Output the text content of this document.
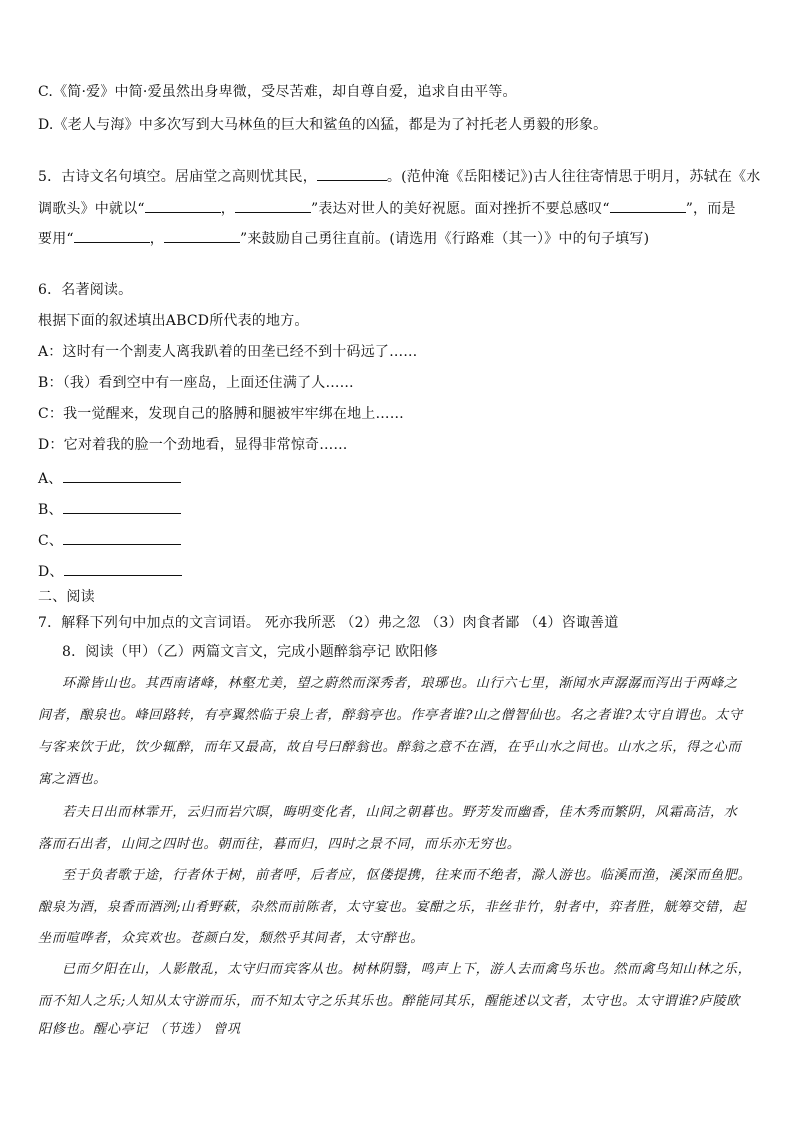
C.《简·爱》中简·爱虽然出身卑微，受尽苦难，却自尊自爱，追求自由平等。
D.《老人与海》中多次写到大马林鱼的巨大和鲨鱼的凶猛，都是为了衬托老人勇毅的形象。
5．古诗文名句填空。居庙堂之高则忧其民，	。(范仲淹《岳阳楼记》)古人往往寄情思于明月，苏轼在《水
调歌头》中就以“	，	”表达对世人的美好祝愿。面对挫折不要总感叹“	”，而是
要用“	，	”来鼓励自己勇往直前。(请选用《行路难（其一）》中的句子填写)
6．名著阅读。
根据下面的叙述填出ABCD所代表的地方。
A：这时有一个割麦人离我趴着的田垄已经不到十码远了……
B：（我）看到空中有一座岛，上面还住满了人……
C：我一觉醒来，发现自己的胳膊和腿被牢牢绑在地上……
D：它对着我的脸一个劲地看，显得非常惊奇……
A、
B、
C、
D、
二、阅读
7．解释下列句中加点的文言词语。 死亦我所恶 （2）弗之忽 （3）肉食者鄙 （4）咨诹善道
8．阅读（甲）（乙）两篇文言文，完成小题醉翁亭记 欧阳修
环滁皆山也。其西南诸峰，林壑尤美，望之蔚然而深秀者，琅琊也。山行六七里，渐闻水声潺潺而泻出于两峰之
间者，酿泉也。峰回路转，有亭翼然临于泉上者，醉翁亭也。作亭者谁?山之僧智仙也。名之者谁?太守自谓也。太守
与客来饮于此，饮少辄醉，而年又最高，故自号曰醉翁也。醉翁之意不在酒，在乎山水之间也。山水之乐，得之心而
寓之酒也。
若夫日出而林霏开，云归而岩穴暝，晦明变化者，山间之朝暮也。野芳发而幽香，佳木秀而繁阴，风霜高洁，水
落而石出者，山间之四时也。朝而往，暮而归，四时之景不同，而乐亦无穷也。
至于负者歌于途，行者休于树，前者呼，后者应，伛偻提携，往来而不绝者，滁人游也。临溪而渔，溪深而鱼肥。
酿泉为酒，泉香而酒洌;山肴野蔌，杂然而前陈者，太守宴也。宴酣之乐，非丝非竹，射者中，弈者胜，觥筹交错，起
坐而喧哗者，众宾欢也。苍颜白发，颓然乎其间者，太守醉也。
已而夕阳在山，人影散乱，太守归而宾客从也。树林阴翳，鸣声上下，游人去而禽鸟乐也。然而禽鸟知山林之乐，
而不知人之乐;人知从太守游而乐，而不知太守之乐其乐也。醉能同其乐，醒能述以文者，太守也。太守谓谁?庐陵欧
阳修也。醒心亭记 （节选） 曾巩
